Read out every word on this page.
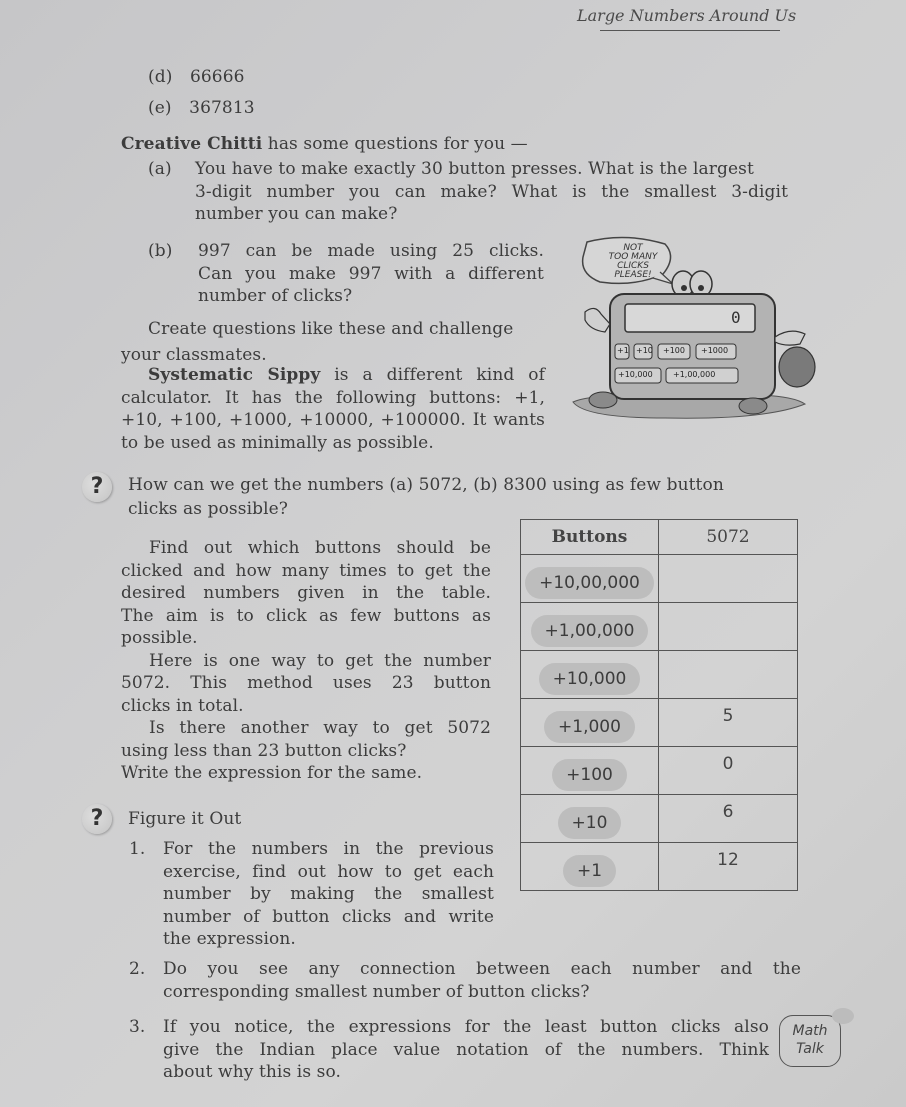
Large Numbers Around Us
(d) 66666
(e) 367813
Creative Chitti has some questions for you —
(a) You have to make exactly 30 button presses. What is the largest
3-digit number you can make? What is the smallest 3-digit
number you can make?
(b) 997 can be made using 25 clicks.
Can you make 997 with a different
number of clicks?
Create questions like these and challenge
your classmates.
Systematic Sippy is a different kind of
calculator. It has the following buttons: +1,
+10, +100, +1000, +10000, +100000. It wants
to be used as minimally as possible.
NOT
TOO MANY
CLICKS
PLEASE!
0
+1 +10 +100 +1000
+10,000	+1,00,000
?	How can we get the numbers (a) 5072, (b) 8300 using as few button
clicks as possible?
Find out which buttons should be
clicked and how many times to get the
desired numbers given in the table.
The aim is to click as few buttons as
possible.
Here is one way to get the number
5072. This method uses 23 button
clicks in total.
Is there another way to get 5072
using less than 23 button clicks?
Write the expression for the same.
Buttons	5072
+10,00,000	

+1,00,000	

+10,000	

+1,000	5

+100	0

+10	6

+1	12
?	Figure it Out
1. For the numbers in the previous
exercise, find out how to get each
number by making the smallest
number of button clicks and write
the expression.
2. Do you see any connection between each number and the
corresponding smallest number of button clicks?
3. If you notice, the expressions for the least button clicks also
give the Indian place value notation of the numbers. Think
about why this is so.
Math
Talk
